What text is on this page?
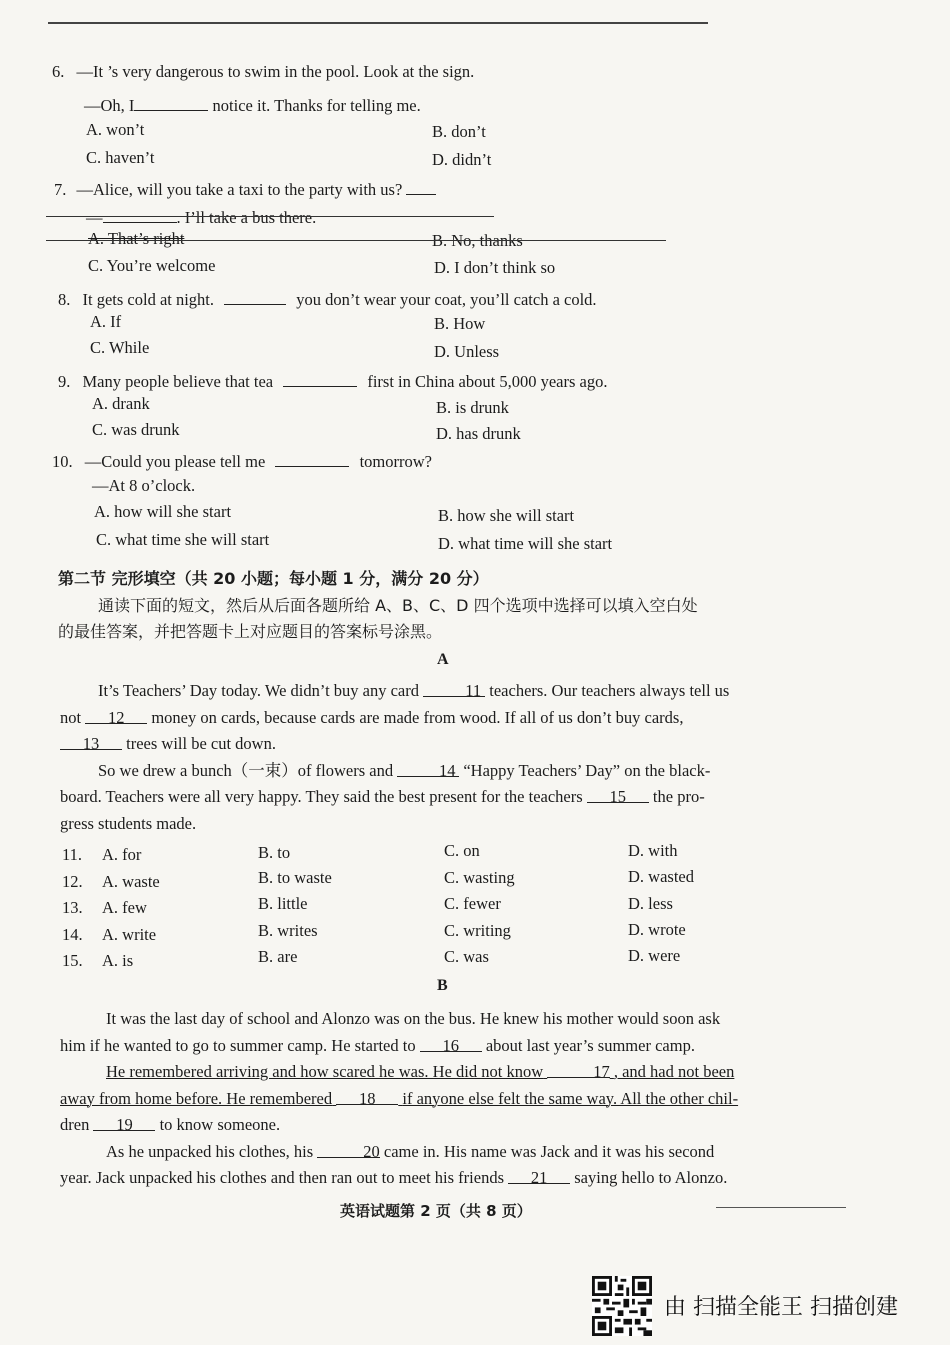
6. —It ’s very dangerous to swim in the pool. Look at the sign.
—Oh, I	notice it. Thanks for telling me.
A. won’t	B. don’t
C. haven’t	D. didn’t
7. —Alice, will you take a taxi to the party with us?
—	. I’ll take a bus there.
A. That’s right	B. No, thanks
C. You’re welcome	D. I don’t think so
8. It gets cold at night.	you don’t wear your coat, you’ll catch a cold.
A. If	B. How
C. While	D. Unless
9. Many people believe that tea	first in China about 5,000 years ago.
A. drank	B. is drunk
C. was drunk	D. has drunk
10. —Could you please tell me	tomorrow?
—At 8 o’clock.
A. how will she start	B. how she will start
C. what time she will start	D. what time will she start
第二节 完形填空（共 20 小题；每小题 1 分，满分 20 分）
通读下面的短文，然后从后面各题所给 A、B、C、D 四个选项中选择可以填入空白处
的最佳答案，并把答题卡上对应题目的答案标号涂黑。
A
It’s Teachers’ Day today. We didn’t buy any card	11 teachers. Our teachers always tell us
not 12 money on cards, because cards are made from wood. If all of us don’t buy cards,
13 trees will be cut down.
So we drew a bunch（一束）of flowers and	14 “Happy Teachers’ Day” on the black-
board. Teachers were all very happy. They said the best present for the teachers 15 the pro-
gress students made.
11. A. for	B. to	C. on	D. with
12. A. waste	B. to waste	C. wasting	D. wasted
13. A. few	B. little	C. fewer	D. less
14. A. write	B. writes	C. writing	D. wrote
15. A. is	B. are	C. was	D. were
B
It was the last day of school and Alonzo was on the bus. He knew his mother would soon ask
him if he wanted to go to summer camp. He started to 16 about last year’s summer camp.
He remembered arriving and how scared he was. He did not know	17 , and had not been
away from home before. He remembered 18 if anyone else felt the same way. All the other chil-
dren 19 to know someone.
As he unpacked his clothes, his	20 came in. His name was Jack and it was his second
year. Jack unpacked his clothes and then ran out to meet his friends 21 saying hello to Alonzo.
英语试题第 2 页（共 8 页）
由 扫描全能王 扫描创建
